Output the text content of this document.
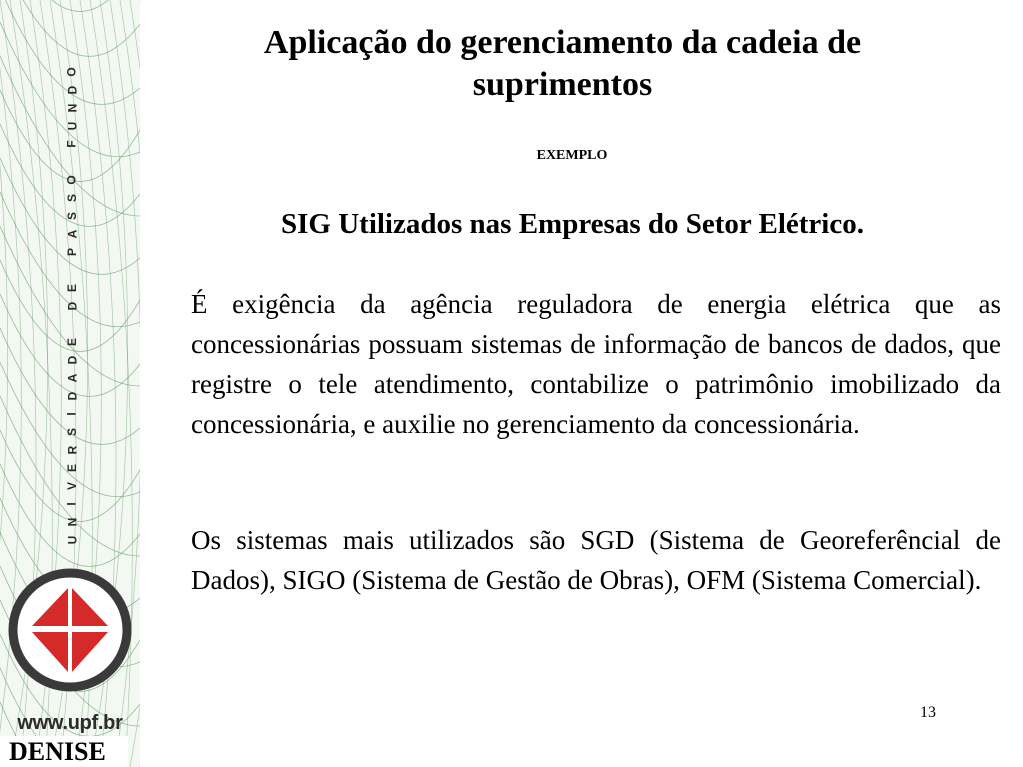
O
D
N
U
F

O
S
S
A
P

E
D

E
D
A
D
I
S
R
E
V
I
N
U
www.upf.br
DENISE
Aplicação do gerenciamento da cadeia de suprimentos
EXEMPLO
SIG Utilizados nas Empresas do Setor Elétrico.

É exigência da agência reguladora de energia elétrica que as concessionárias possuam sistemas de informação de bancos de dados, que registre o tele atendimento, contabilize o patrimônio imobilizado da concessionária, e auxilie no gerenciamento da concessionária.

Os sistemas mais utilizados são SGD (Sistema de Georeferêncial de Dados), SIGO (Sistema de Gestão de Obras), OFM (Sistema Comercial).

13
